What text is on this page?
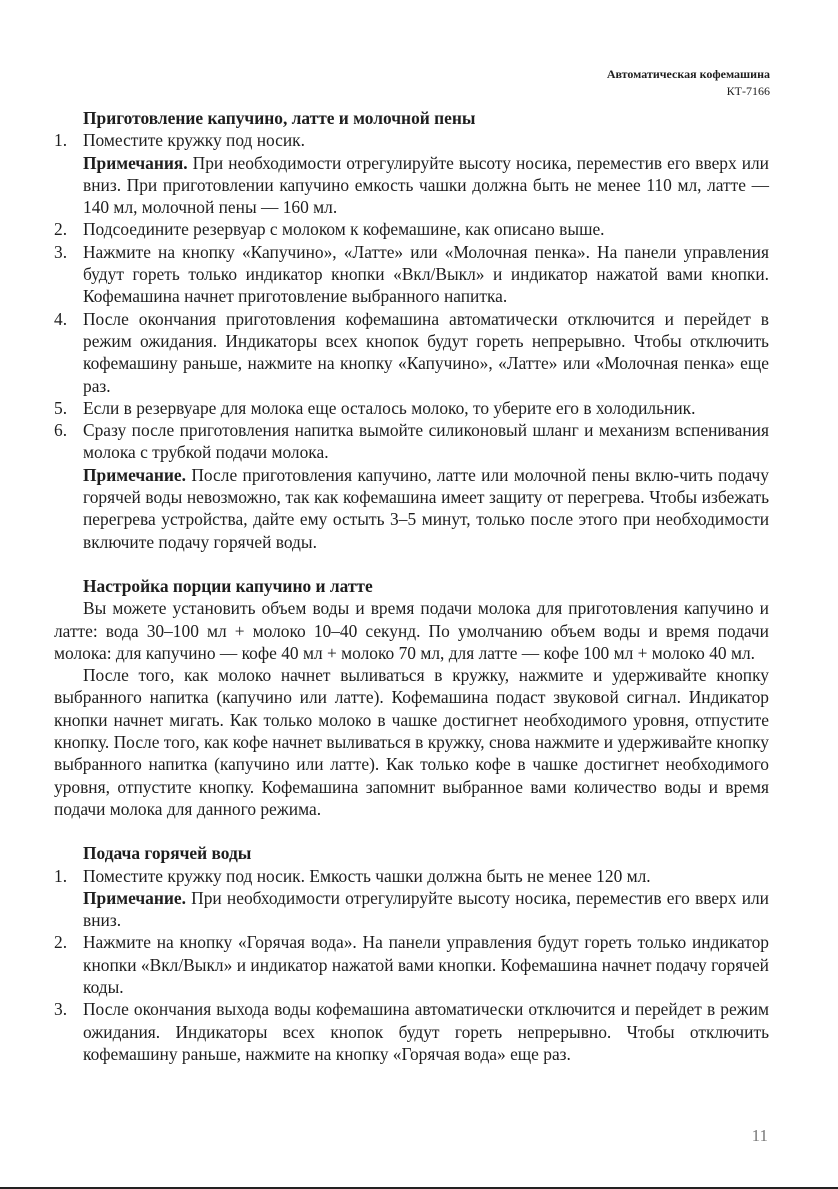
Автоматическая кофемашина
КТ-7166
Приготовление капучино, латте и молочной пены
1. Поместите кружку под носик.
Примечания. При необходимости отрегулируйте высоту носика, переместив его вверх или вниз. При приготовлении капучино емкость чашки должна быть не менее 110 мл, латте — 140 мл, молочной пены — 160 мл.
2. Подсоедините резервуар с молоком к кофемашине, как описано выше.
3. Нажмите на кнопку «Капучино», «Латте» или «Молочная пенка». На панели управления будут гореть только индикатор кнопки «Вкл/Выкл» и индикатор нажатой вами кнопки. Кофемашина начнет приготовление выбранного напитка.
4. После окончания приготовления кофемашина автоматически отключится и перейдет в режим ожидания. Индикаторы всех кнопок будут гореть непрерывно. Чтобы отключить кофемашину раньше, нажмите на кнопку «Капучино», «Латте» или «Молочная пенка» еще раз.
5. Если в резервуаре для молока еще осталось молоко, то уберите его в холодильник.
6. Сразу после приготовления напитка вымойте силиконовый шланг и механизм вспенивания молока с трубкой подачи молока.
Примечание. После приготовления капучино, латте или молочной пены вклю-чить подачу горячей воды невозможно, так как кофемашина имеет защиту от перегрева. Чтобы избежать перегрева устройства, дайте ему остыть 3–5 минут, только после этого при необходимости включите подачу горячей воды.
Настройка порции капучино и латте

Вы можете установить объем воды и время подачи молока для приготовления капучино и латте: вода 30–100 мл + молоко 10–40 секунд. По умолчанию объем воды и время подачи молока: для капучино — кофе 40 мл + молоко 70 мл, для латте — кофе 100 мл + молоко 40 мл.

После того, как молоко начнет выливаться в кружку, нажмите и удерживайте кнопку выбранного напитка (капучино или латте). Кофемашина подаст звуковой сигнал. Индикатор кнопки начнет мигать. Как только молоко в чашке достигнет необходимого уровня, отпустите кнопку. После того, как кофе начнет выливаться в кружку, снова нажмите и удерживайте кнопку выбранного напитка (капучино или латте). Как только кофе в чашке достигнет необходимого уровня, отпустите кнопку. Кофемашина запомнит выбранное вами количество воды и время подачи молока для данного режима.

Подача горячей воды
1. Поместите кружку под носик. Емкость чашки должна быть не менее 120 мл.
Примечание. При необходимости отрегулируйте высоту носика, переместив его вверх или вниз.
2. Нажмите на кнопку «Горячая вода». На панели управления будут гореть только индикатор кнопки «Вкл/Выкл» и индикатор нажатой вами кнопки. Кофемашина начнет подачу горячей коды.
3. После окончания выхода воды кофемашина автоматически отключится и перейдет в режим ожидания. Индикаторы всех кнопок будут гореть непрерывно. Чтобы отключить кофемашину раньше, нажмите на кнопку «Горячая вода» еще раз.
11
